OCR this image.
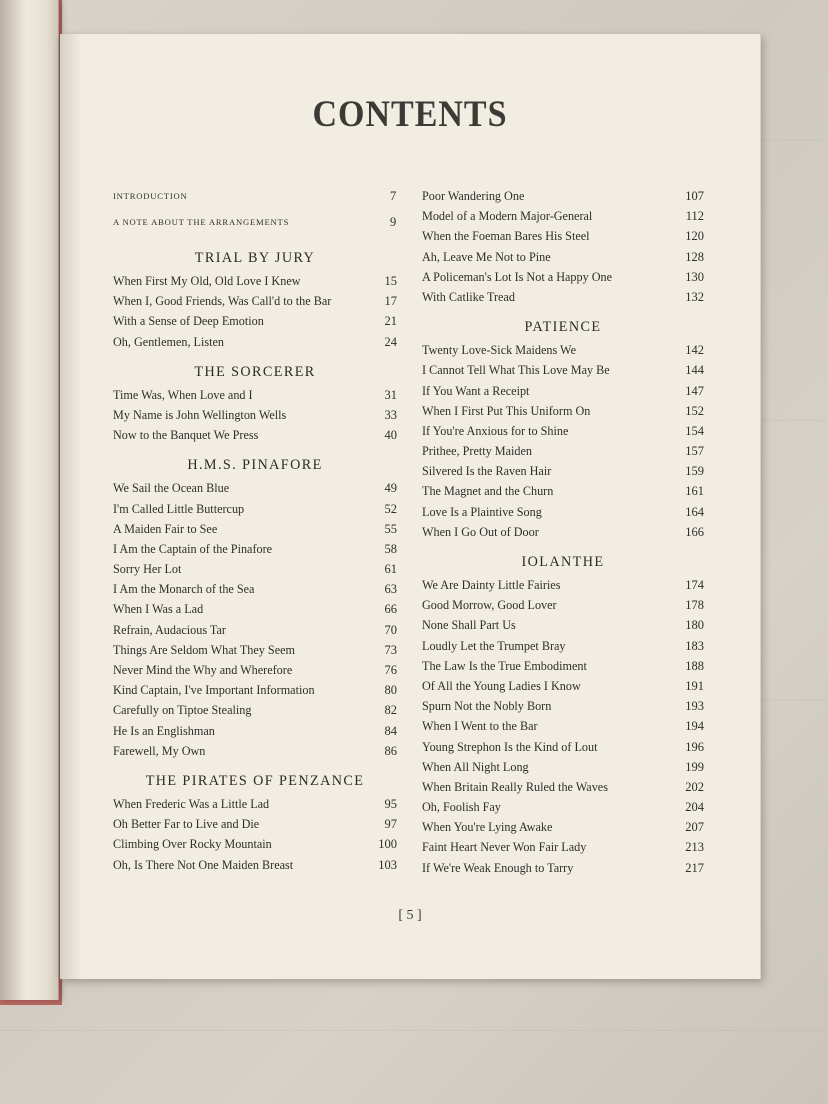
CONTENTS
INTRODUCTION	7
A NOTE ABOUT THE ARRANGEMENTS	9
TRIAL BY JURY
When First My Old, Old Love I Knew	15
When I, Good Friends, Was Call'd to the Bar	17
With a Sense of Deep Emotion	21
Oh, Gentlemen, Listen	24
THE SORCERER
Time Was, When Love and I	31
My Name is John Wellington Wells	33
Now to the Banquet We Press	40
H.M.S. PINAFORE
We Sail the Ocean Blue	49
I'm Called Little Buttercup	52
A Maiden Fair to See	55
I Am the Captain of the Pinafore	58
Sorry Her Lot	61
I Am the Monarch of the Sea	63
When I Was a Lad	66
Refrain, Audacious Tar	70
Things Are Seldom What They Seem	73
Never Mind the Why and Wherefore	76
Kind Captain, I've Important Information	80
Carefully on Tiptoe Stealing	82
He Is an Englishman	84
Farewell, My Own	86
THE PIRATES OF PENZANCE
When Frederic Was a Little Lad	95
Oh Better Far to Live and Die	97
Climbing Over Rocky Mountain	100
Oh, Is There Not One Maiden Breast	103
Poor Wandering One	107
Model of a Modern Major-General	112
When the Foeman Bares His Steel	120
Ah, Leave Me Not to Pine	128
A Policeman's Lot Is Not a Happy One	130
With Catlike Tread	132
PATIENCE
Twenty Love-Sick Maidens We	142
I Cannot Tell What This Love May Be	144
If You Want a Receipt	147
When I First Put This Uniform On	152
If You're Anxious for to Shine	154
Prithee, Pretty Maiden	157
Silvered Is the Raven Hair	159
The Magnet and the Churn	161
Love Is a Plaintive Song	164
When I Go Out of Door	166
IOLANTHE
We Are Dainty Little Fairies	174
Good Morrow, Good Lover	178
None Shall Part Us	180
Loudly Let the Trumpet Bray	183
The Law Is the True Embodiment	188
Of All the Young Ladies I Know	191
Spurn Not the Nobly Born	193
When I Went to the Bar	194
Young Strephon Is the Kind of Lout	196
When All Night Long	199
When Britain Really Ruled the Waves	202
Oh, Foolish Fay	204
When You're Lying Awake	207
Faint Heart Never Won Fair Lady	213
If We're Weak Enough to Tarry	217
[ 5 ]
